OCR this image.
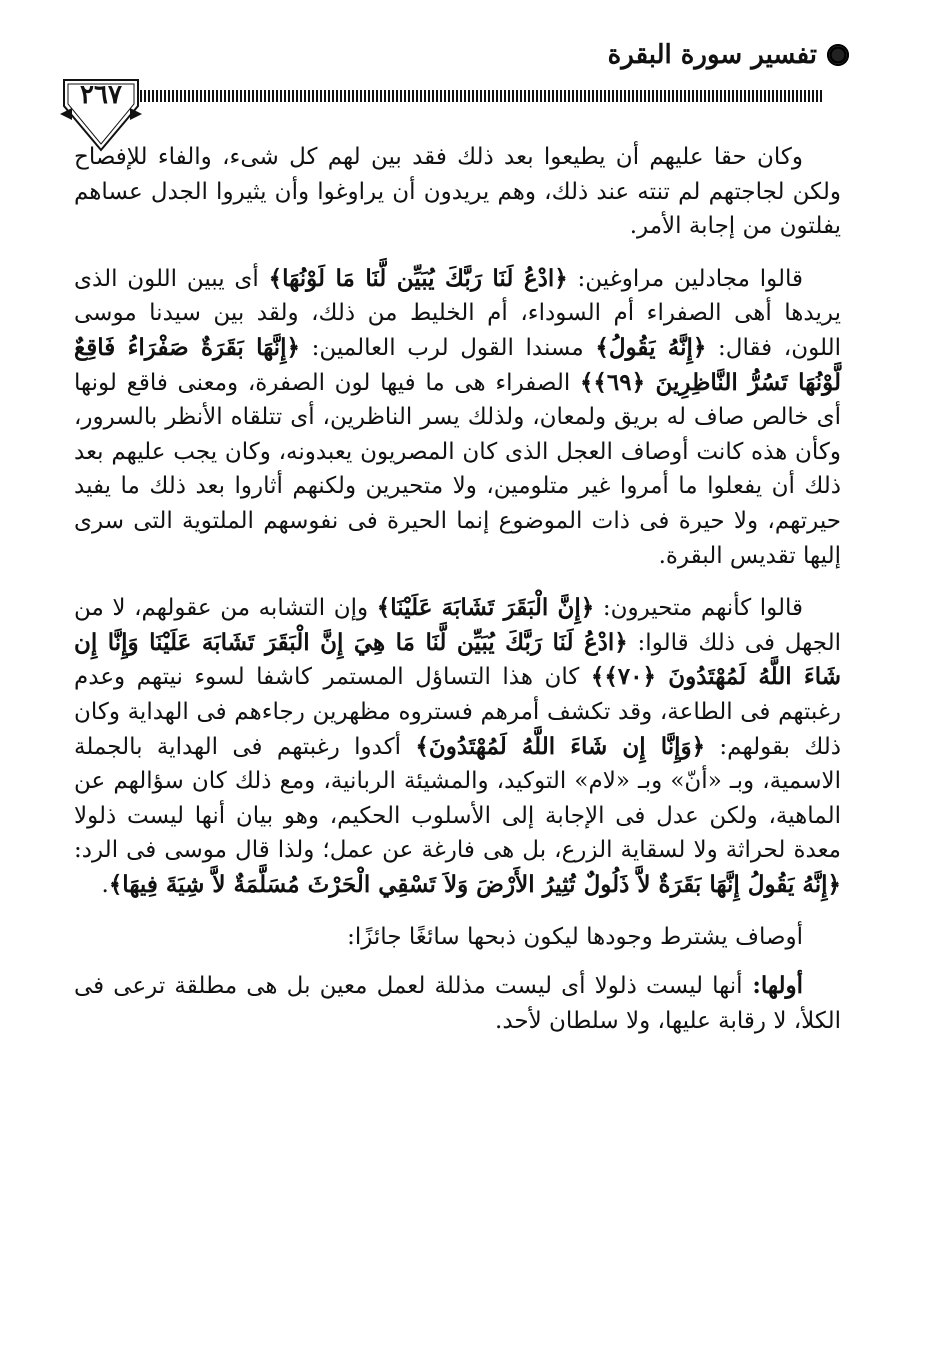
تفسير سورة البقرة
٢٦٧

وكان حقا عليهم أن يطيعوا بعد ذلك فقد بين لهم كل شىء، والفاء للإفصاح ولكن لجاجتهم لم تنته عند ذلك، وهم يريدون أن يراوغوا وأن يثيروا الجدل عساهم يفلتون من إجابة الأمر.

قالوا مجادلين مراوغين: ﴿ادْعُ لَنَا رَبَّكَ يُبَيِّن لَّنَا مَا لَوْنُهَا﴾ أى يبين اللون الذى يريدها أهى الصفراء أم السوداء، أم الخليط من ذلك، ولقد بين سيدنا موسى اللون، فقال: ﴿إِنَّهُ يَقُولُ﴾ مسندا القول لرب العالمين: ﴿إِنَّهَا بَقَرَةٌ صَفْرَاءُ فَاقِعٌ لَّوْنُهَا تَسُرُّ النَّاظِرِينَ ﴿٦٩﴾﴾ الصفراء هى ما فيها لون الصفرة، ومعنى فاقع لونها أى خالص صاف له بريق ولمعان، ولذلك يسر الناظرين، أى تتلقاه الأنظر بالسرور، وكأن هذه كانت أوصاف العجل الذى كان المصريون يعبدونه، وكان يجب عليهم بعد ذلك أن يفعلوا ما أمروا غير متلومين، ولا متحيرين ولكنهم أثاروا بعد ذلك ما يفيد حيرتهم، ولا حيرة فى ذات الموضوع إنما الحيرة فى نفوسهم الملتوية التى سرى إليها تقديس البقرة.

قالوا كأنهم متحيرون: ﴿إِنَّ الْبَقَرَ تَشَابَهَ عَلَيْنَا﴾ وإن التشابه من عقولهم، لا من الجهل فى ذلك قالوا: ﴿ادْعُ لَنَا رَبَّكَ يُبَيِّن لَّنَا مَا هِيَ إِنَّ الْبَقَرَ تَشَابَهَ عَلَيْنَا وَإِنَّا إِن شَاءَ اللَّهُ لَمُهْتَدُونَ ﴿٧٠﴾﴾ كان هذا التساؤل المستمر كاشفا لسوء نيتهم وعدم رغبتهم فى الطاعة، وقد تكشف أمرهم فستروه مظهرين رجاءهم فى الهداية وكان ذلك بقولهم: ﴿وَإِنَّا إِن شَاءَ اللَّهُ لَمُهْتَدُونَ﴾ أكدوا رغبتهم فى الهداية بالجملة الاسمية، وبـ «أنّ» وبـ «لام» التوكيد، والمشيئة الربانية، ومع ذلك كان سؤالهم عن الماهية، ولكن عدل فى الإجابة إلى الأسلوب الحكيم، وهو بيان أنها ليست ذلولا معدة لحراثة ولا لسقاية الزرع، بل هى فارغة عن عمل؛ ولذا قال موسى فى الرد: ﴿إِنَّهُ يَقُولُ إِنَّهَا بَقَرَةٌ لاَّ ذَلُولٌ تُثِيرُ الأَرْضَ وَلاَ تَسْقِي الْحَرْثَ مُسَلَّمَةٌ لاَّ شِيَةَ فِيهَا﴾.

أوصاف يشترط وجودها ليكون ذبحها سائغًا جائزًا:

أولها: أنها ليست ذلولا أى ليست مذللة لعمل معين بل هى مطلقة ترعى فى الكلأ، لا رقابة عليها، ولا سلطان لأحد.
